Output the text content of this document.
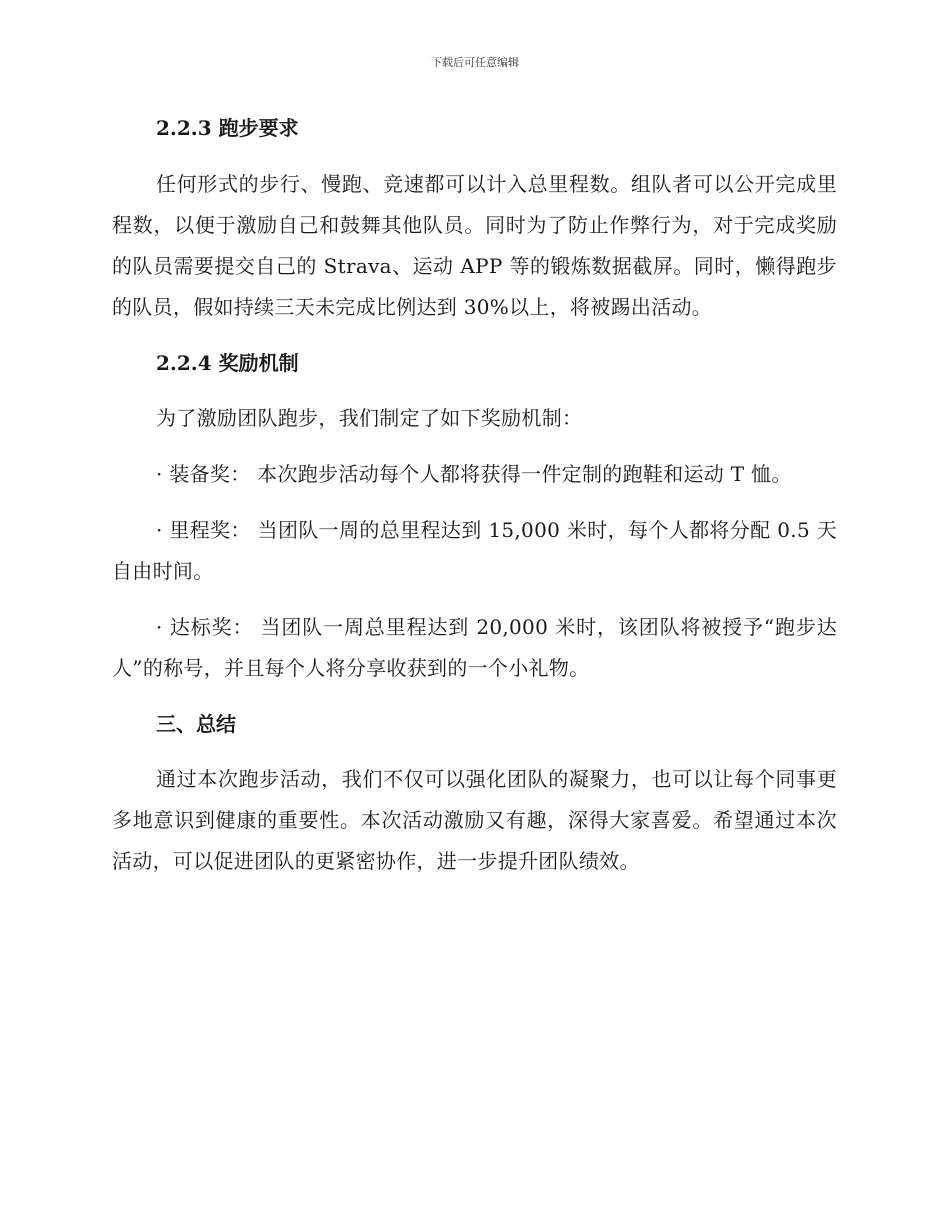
下载后可任意编辑
2.2.3 跑步要求

任何形式的步行、慢跑、竞速都可以计入总里程数。组队者可以公开完成里程数，以便于激励自己和鼓舞其他队员。同时为了防止作弊行为，对于完成奖励的队员需要提交自己的 Strava、运动 APP 等的锻炼数据截屏。同时，懒得跑步的队员，假如持续三天未完成比例达到 30%以上，将被踢出活动。

2.2.4 奖励机制

为了激励团队跑步，我们制定了如下奖励机制：

· 装备奖： 本次跑步活动每个人都将获得一件定制的跑鞋和运动 T 恤。

· 里程奖： 当团队一周的总里程达到 15,000 米时，每个人都将分配 0.5 天自由时间。

· 达标奖： 当团队一周总里程达到 20,000 米时，该团队将被授予“跑步达人”的称号，并且每个人将分享收获到的一个小礼物。

三、总结

通过本次跑步活动，我们不仅可以强化团队的凝聚力，也可以让每个同事更多地意识到健康的重要性。本次活动激励又有趣，深得大家喜爱。希望通过本次活动，可以促进团队的更紧密协作，进一步提升团队绩效。
